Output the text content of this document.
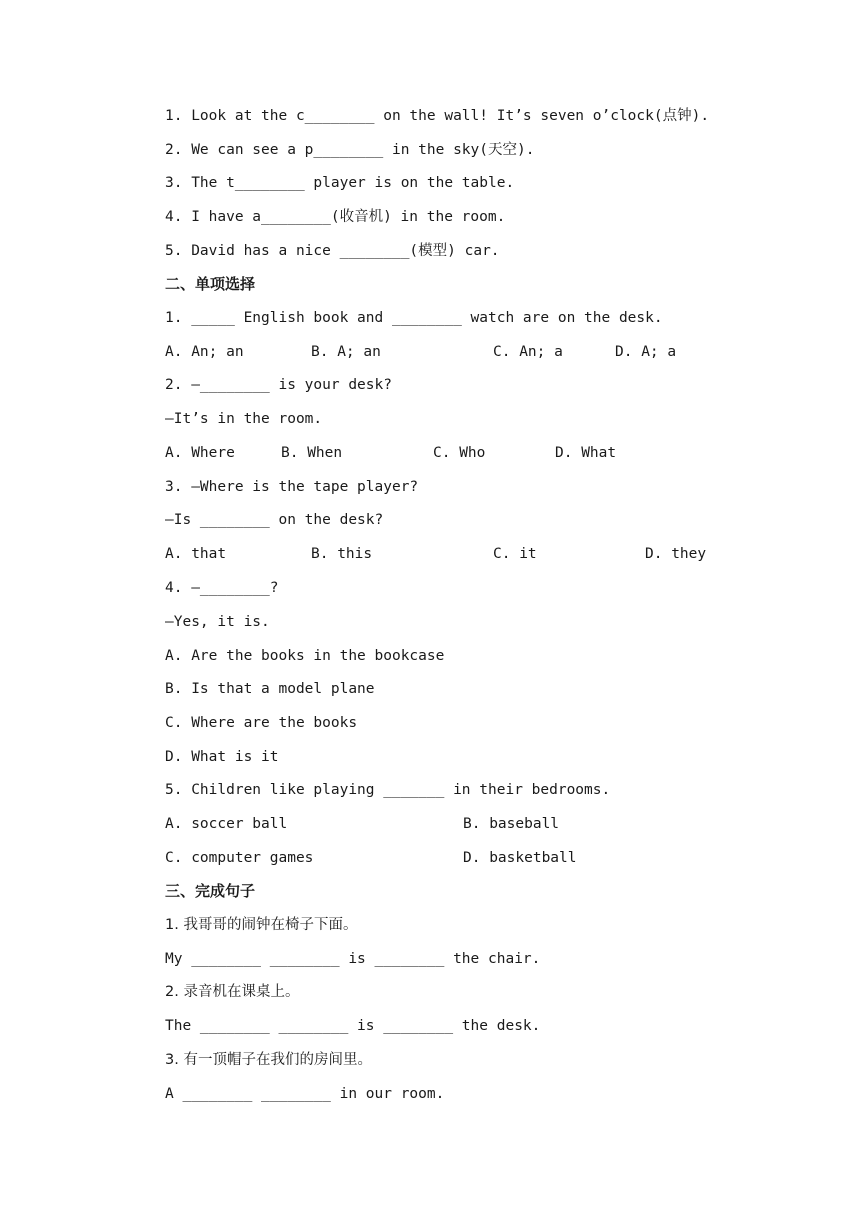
1. Look at the c________ on the wall! It’s seven o’clock(点钟).
2. We can see a p________ in the sky(天空).
3. The t________ player is on the table.
4. I have a________(收音机) in the room.
5. David has a nice ________(模型) car.
二、单项选择
1. _____ English book and ________ watch are on the desk.
A. An; an	B. A; an	C. An; a	D. A; a
2. —________ is your desk?
—It’s in the room.
A. Where	B. When	C. Who	D. What
3. —Where is the tape player?
—Is ________ on the desk?
A. that	B. this	C. it	D. they
4. —________?
—Yes, it is.
A. Are the books in the bookcase
B. Is that a model plane
C. Where are the books
D. What is it
5. Children like playing _______ in their bedrooms.
A. soccer ball	B. baseball
C. computer games	D. basketball
三、完成句子
1. 我哥哥的闹钟在椅子下面。
My ________ ________ is ________ the chair.
2. 录音机在课桌上。
The ________ ________ is ________ the desk.
3. 有一顶帽子在我们的房间里。
A ________ ________ in our room.
